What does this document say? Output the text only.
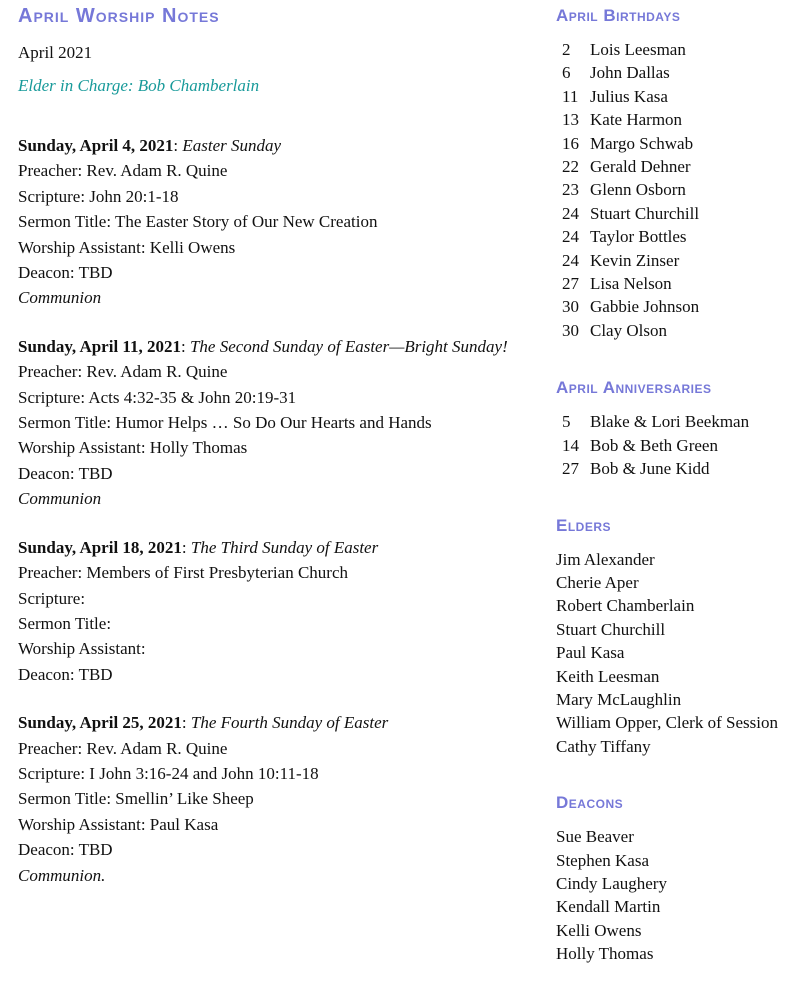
April Worship Notes
April 2021
Elder in Charge: Bob Chamberlain
Sunday, April 4, 2021: Easter Sunday
Preacher: Rev. Adam R. Quine
Scripture: John 20:1-18
Sermon Title: The Easter Story of Our New Creation
Worship Assistant: Kelli Owens
Deacon: TBD
Communion
Sunday, April 11, 2021: The Second Sunday of Easter—Bright Sunday!
Preacher: Rev. Adam R. Quine
Scripture: Acts 4:32-35 & John 20:19-31
Sermon Title: Humor Helps … So Do Our Hearts and Hands
Worship Assistant: Holly Thomas
Deacon: TBD
Communion
Sunday, April 18, 2021: The Third Sunday of Easter
Preacher: Members of First Presbyterian Church
Scripture:
Sermon Title:
Worship Assistant:
Deacon: TBD
Sunday, April 25, 2021: The Fourth Sunday of Easter
Preacher: Rev. Adam R. Quine
Scripture: I John 3:16-24 and John 10:11-18
Sermon Title: Smellin’ Like Sheep
Worship Assistant: Paul Kasa
Deacon: TBD
Communion.
April Birthdays
2	Lois Leesman
6	John Dallas
11 Julius Kasa
13 Kate Harmon
16 Margo Schwab
22 Gerald Dehner
23 Glenn Osborn
24 Stuart Churchill
24 Taylor Bottles
24 Kevin Zinser
27 Lisa Nelson
30 Gabbie Johnson
30 Clay Olson
April Anniversaries
5	Blake & Lori Beekman
14 Bob & Beth Green
27 Bob & June Kidd
Elders
Jim Alexander
Cherie Aper
Robert Chamberlain
Stuart Churchill
Paul Kasa
Keith Leesman
Mary McLaughlin
William Opper, Clerk of Session
Cathy Tiffany
Deacons
Sue Beaver
Stephen Kasa
Cindy Laughery
Kendall Martin
Kelli Owens
Holly Thomas
